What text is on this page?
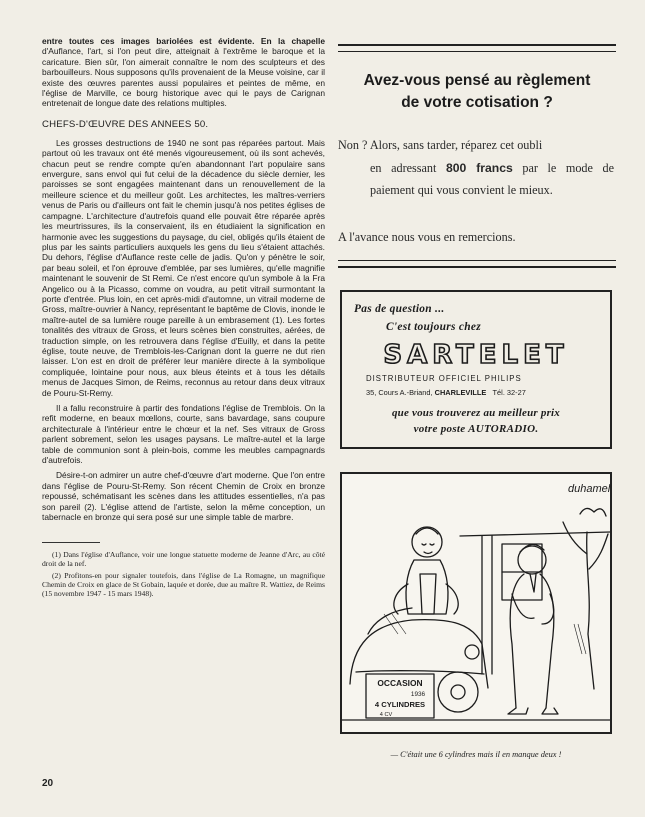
entre toutes ces images bariolées est évidente. En la chapelle d'Auflance, l'art, si l'on peut dire, atteignait à l'extrême le baroque et la caricature. Bien sûr, l'on aimerait connaître le nom des sculpteurs et des barbouilleurs. Nous supposons qu'ils provenaient de la Meuse voisine, car il existe des œuvres parentes aussi populaires et peintes de même, en l'église de Marville, ce bourg historique avec qui le pays de Carignan entretenait de longue date des relations multiples.

CHEFS-D'ŒUVRE DES ANNEES 50.

Les grosses destructions de 1940 ne sont pas réparées partout. Mais partout où les travaux ont été menés vigoureusement, où ils sont achevés, chacun peut se rendre compte qu'en abandonnant l'art populaire sans envergure, sans envol qui fut celui de la décadence du siècle dernier, les paroisses se sont engagées maintenant dans un renouvellement de la meilleure science et du meilleur goût. Les architectes, les maîtres-verriers venus de Paris ou d'ailleurs ont fait le chemin jusqu'à nos petites églises de campagne. L'architecture d'autrefois quand elle pouvait être réparée après les meurtrissures, ils la conservaient, ils en étudiaient la signification en harmonie avec les suggestions du paysage, du ciel, obligés qu'ils étaient de plus par les saints particuliers auxquels les gens du lieu s'étaient attachés. Du dehors, l'église d'Auflance reste celle de jadis. Qu'on y pénètre le soir, par beau soleil, et l'on éprouve d'emblée, par ses lumières, qu'elle magnifie maintenant le souvenir de St Remi. Ce n'est encore qu'un symbole à la Fra Angelico ou à la Picasso, comme on voudra, au petit vitrail surmontant la porte d'entrée. Plus loin, en cet après-midi d'automne, un vitrail moderne de Gross, maître-ouvrier à Nancy, représentant le baptême de Clovis, inonde le maître-autel de sa lumière rouge pareille à un embrasement (1). Les fortes tonalités des vitraux de Gross, et leurs scènes bien construites, aérées, de traduction simple, on les retrouvera dans l'église d'Euilly, et dans la petite église, toute neuve, de Tremblois-les-Carignan dont la guerre ne dut rien laisser. L'on est en droit de préférer leur manière directe à la symbolique compliquée, lointaine pour nous, aux bleus éteints et à tous les détails menus de Jacques Simon, de Reims, reconnus au retour dans deux vitraux de Pouru-St-Remy.

Il a fallu reconstruire à partir des fondations l'église de Tremblois. On la refit moderne, en beaux mœllons, courte, sans bavardage, sans coupure architecturale à l'intérieur entre le chœur et la nef. Ses vitraux de Gross parlent sobrement, selon les usages paysans. Le maître-autel et la large table de communion sont à plein-bois, comme les meubles campagnards d'autrefois.

Désire-t-on admirer un autre chef-d'œuvre d'art moderne. Que l'on entre dans l'église de Pouru-St-Remy. Son récent Chemin de Croix en bronze repoussé, schématisant les scènes dans les attitudes essentielles, n'a pas son pareil (2). L'église attend de l'artiste, selon la même conception, un tabernacle en bronze qui sera posé sur une simple table de marbre.

(1) Dans l'église d'Auflance, voir une longue statuette moderne de Jeanne d'Arc, au côté droit de la nef.

(2) Profitons-en pour signaler toutefois, dans l'église de La Romagne, un magnifique Chemin de Croix en glace de St Gobain, laquée et dorée, due au maître R. Wattiez, de Reims (15 novembre 1947 - 15 mars 1948).

20
Avez-vous pensé au règlement
de votre cotisation ?
Non ? Alors, sans tarder, réparez cet oubli
en adressant 800 francs par le mode de paiement qui vous convient le mieux.
A l'avance nous vous en remercions.
Pas de question ...
C'est toujours chez
SARTELET
DISTRIBUTEUR OFFICIEL PHILIPS
35, Cours A.-Briand, CHARLEVILLE Tél. 32-27
que vous trouverez au meilleur prix
votre poste AUTORADIO.
duhamel
OCCASION
1936
4 CYLINDRES
4 CV
— C'était une 6 cylindres mais il en manque deux !
